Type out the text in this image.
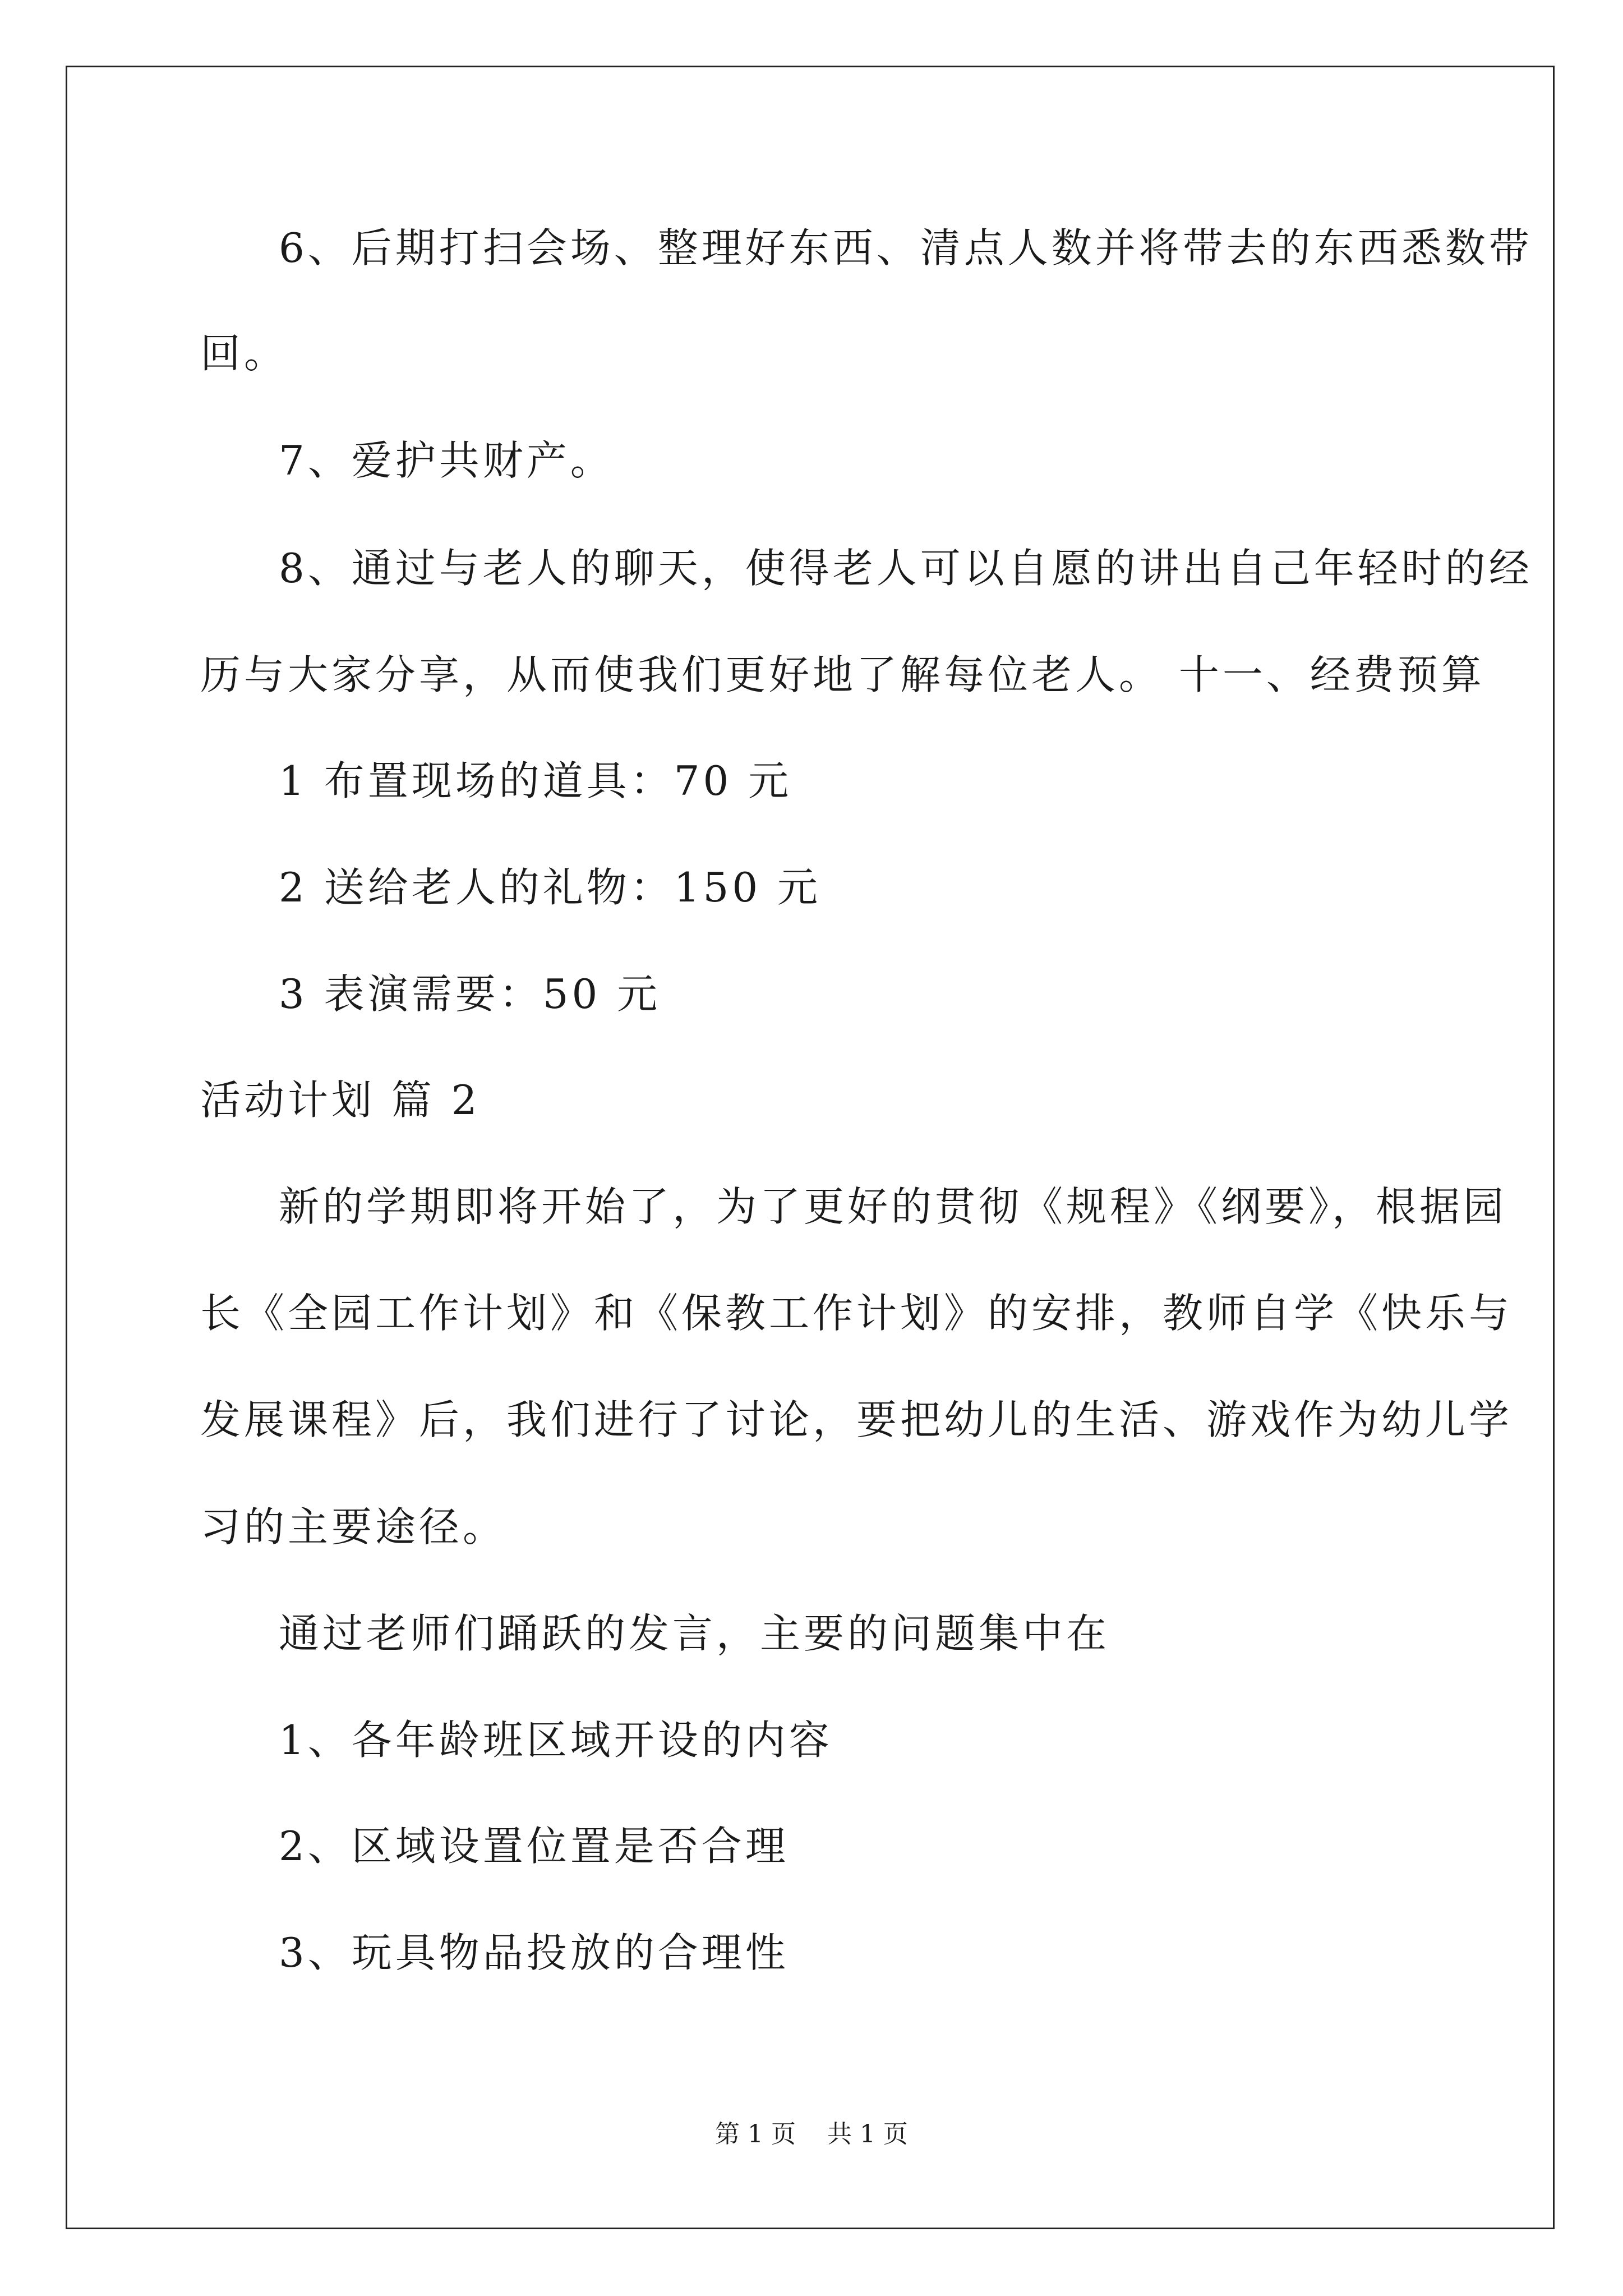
6、后期打扫会场、整理好东西、清点人数并将带去的东西悉数带

回。

7、爱护共财产。

8、通过与老人的聊天，使得老人可以自愿的讲出自己年轻时的经

历与大家分享，从而使我们更好地了解每位老人。 十一、经费预算

1 布置现场的道具：70 元

2 送给老人的礼物：150 元

3 表演需要：50 元

活动计划 篇 2

新的学期即将开始了，为了更好的贯彻《规程》《纲要》，根据园

长《全园工作计划》和《保教工作计划》的安排，教师自学《快乐与

发展课程》后，我们进行了讨论，要把幼儿的生活、游戏作为幼儿学

习的主要途径。

通过老师们踊跃的发言，主要的问题集中在

1、各年龄班区域开设的内容

2、区域设置位置是否合理

3、玩具物品投放的合理性

第 1 页    共 1 页
